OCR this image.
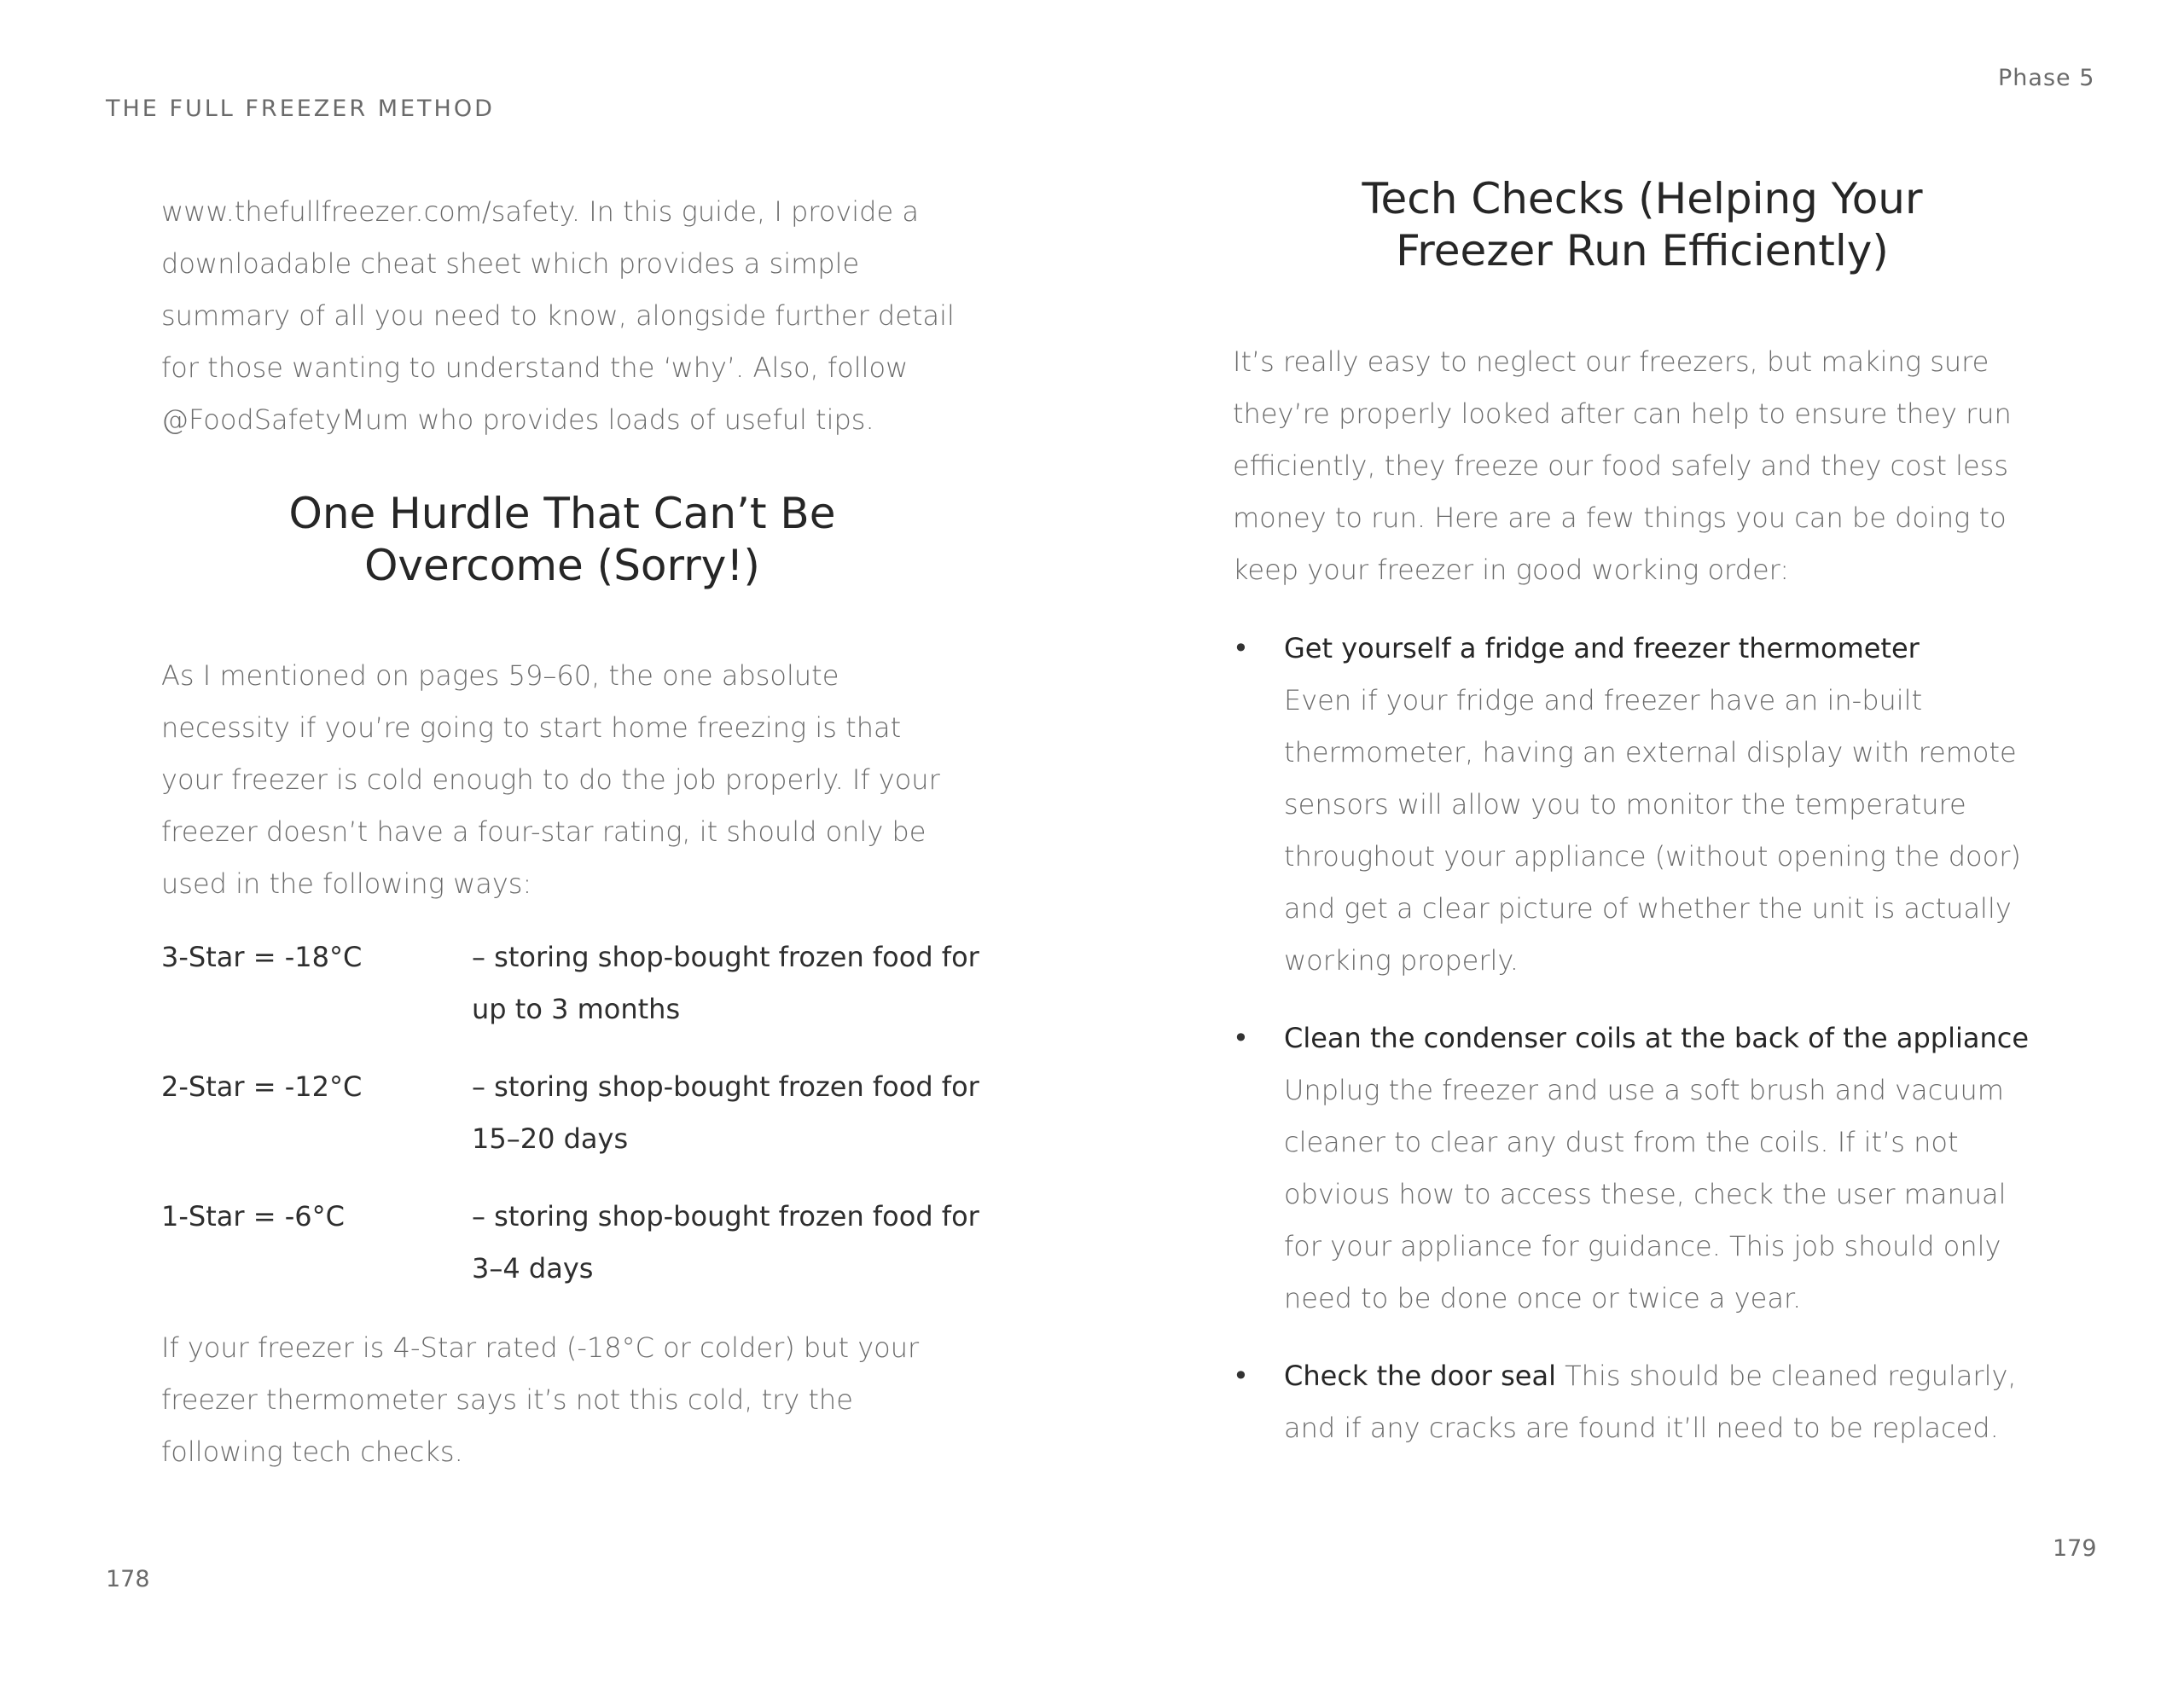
THE FULL FREEZER METHOD
Phase 5

www.thefullfreezer.com/safety. In this guide, I provide a downloadable cheat sheet which provides a simple summary of all you need to know, alongside further detail for those wanting to understand the ‘why’. Also, follow @FoodSafetyMum who provides loads of useful tips.

One Hurdle That Can’t Be
Overcome (Sorry!)

As I mentioned on pages 59–60, the one absolute necessity if you’re going to start home freezing is that your freezer is cold enough to do the job properly. If your freezer doesn’t have a four-star rating, it should only be used in the following ways:

3-Star = -18°C	– storing shop-bought frozen food for up to 3 months
2-Star = -12°C	– storing shop-bought frozen food for 15–20 days
1-Star = -6°C	– storing shop-bought frozen food for 3–4 days

If your freezer is 4-Star rated (-18°C or colder) but your freezer thermometer says it’s not this cold, try the following tech checks.

Tech Checks (Helping Your
Freezer Run Efficiently)

It’s really easy to neglect our freezers, but making sure they’re properly looked after can help to ensure they run efficiently, they freeze our food safely and they cost less money to run. Here are a few things you can be doing to keep your freezer in good working order:

• Get yourself a fridge and freezer thermometer
Even if your fridge and freezer have an in-built thermometer, having an external display with remote sensors will allow you to monitor the temperature throughout your appliance (without opening the door) and get a clear picture of whether the unit is actually working properly.
• Clean the condenser coils at the back of the appliance Unplug the freezer and use a soft brush and vacuum cleaner to clear any dust from the coils. If it’s not obvious how to access these, check the user manual for your appliance for guidance. This job should only need to be done once or twice a year.
• Check the door seal This should be cleaned regularly, and if any cracks are found it’ll need to be replaced.
178
179
